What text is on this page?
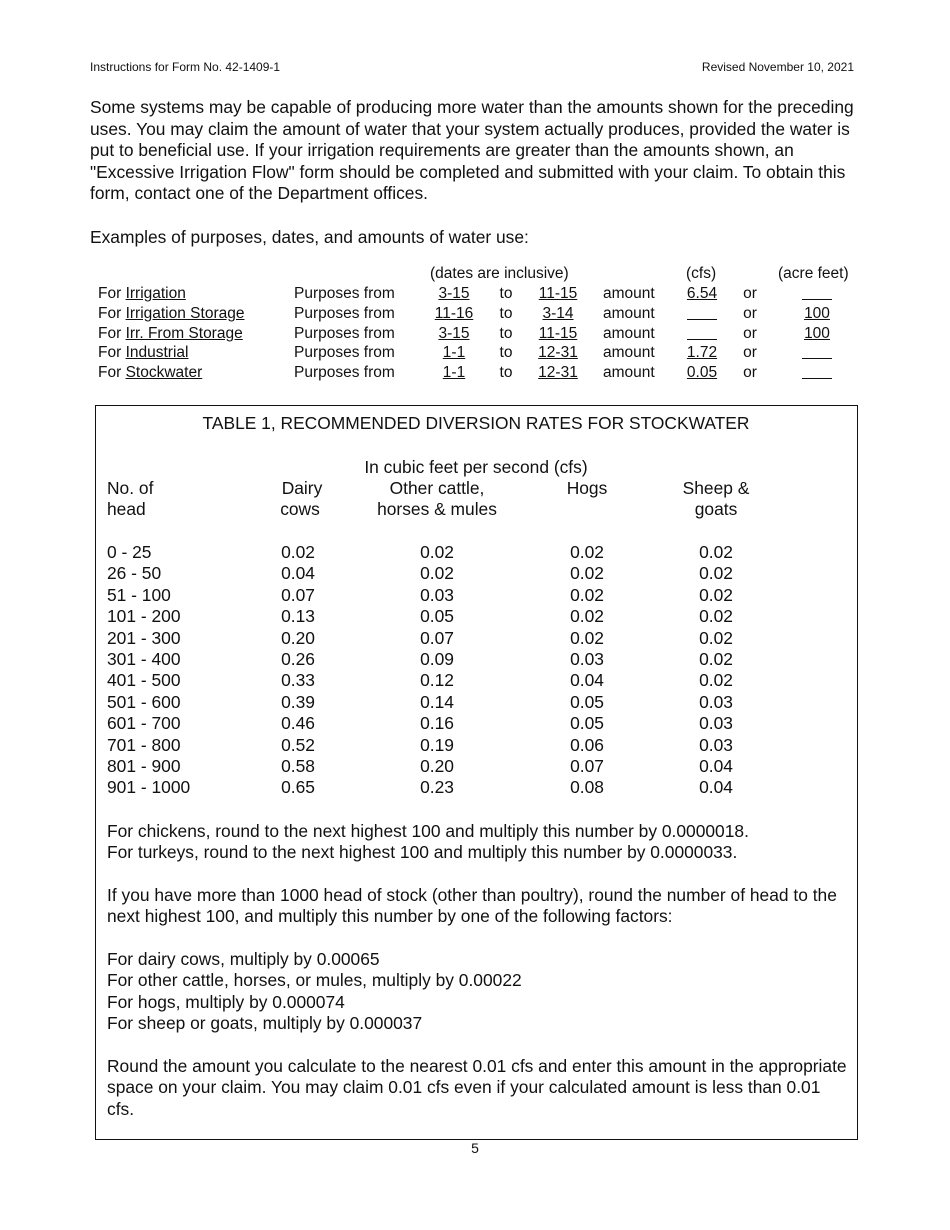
Instructions for Form No. 42-1409-1	Revised November 10, 2021

Some systems may be capable of producing more water than the amounts shown for the preceding uses. You may claim the amount of water that your system actually produces, provided the water is put to beneficial use. If your irrigation requirements are greater than the amounts shown, an "Excessive Irrigation Flow" form should be completed and submitted with your claim. To obtain this form, contact one of the Department offices.

Examples of purposes, dates, and amounts of water use:
(dates are inclusive)	(cfs)	(acre feet)
For Irrigation	Purposes from	3-15 to 11-15 amount 6.54 or
For Irrigation Storage	Purposes from	11-16 to 3-14 amount	or	100
For Irr. From Storage	Purposes from	3-15 to 11-15 amount	or	100
For Industrial	Purposes from	1-1 to 12-31 amount 1.72 or
For Stockwater	Purposes from	1-1 to 12-31 amount 0.05 or
TABLE 1, RECOMMENDED DIVERSION RATES FOR STOCKWATER
In cubic feet per second (cfs)
No. of	Dairy	Other cattle,	Hogs	Sheep &
head	cows	horses & mules	goats
0 - 25	0.02	0.02	0.02	0.02
26 - 50	0.04	0.02	0.02	0.02
51 - 100	0.07	0.03	0.02	0.02
101 - 200	0.13	0.05	0.02	0.02
201 - 300	0.20	0.07	0.02	0.02
301 - 400	0.26	0.09	0.03	0.02
401 - 500	0.33	0.12	0.04	0.02
501 - 600	0.39	0.14	0.05	0.03
601 - 700	0.46	0.16	0.05	0.03
701 - 800	0.52	0.19	0.06	0.03
801 - 900	0.58	0.20	0.07	0.04
901 - 1000	0.65	0.23	0.08	0.04

For chickens, round to the next highest 100 and multiply this number by 0.0000018.

For turkeys, round to the next highest 100 and multiply this number by 0.0000033.

If you have more than 1000 head of stock (other than poultry), round the number of head to the next highest 100, and multiply this number by one of the following factors:

For dairy cows, multiply by 0.00065

For other cattle, horses, or mules, multiply by 0.00022

For hogs, multiply by 0.000074

For sheep or goats, multiply by 0.000037

Round the amount you calculate to the nearest 0.01 cfs and enter this amount in the appropriate space on your claim. You may claim 0.01 cfs even if your calculated amount is less than 0.01 cfs.

5
